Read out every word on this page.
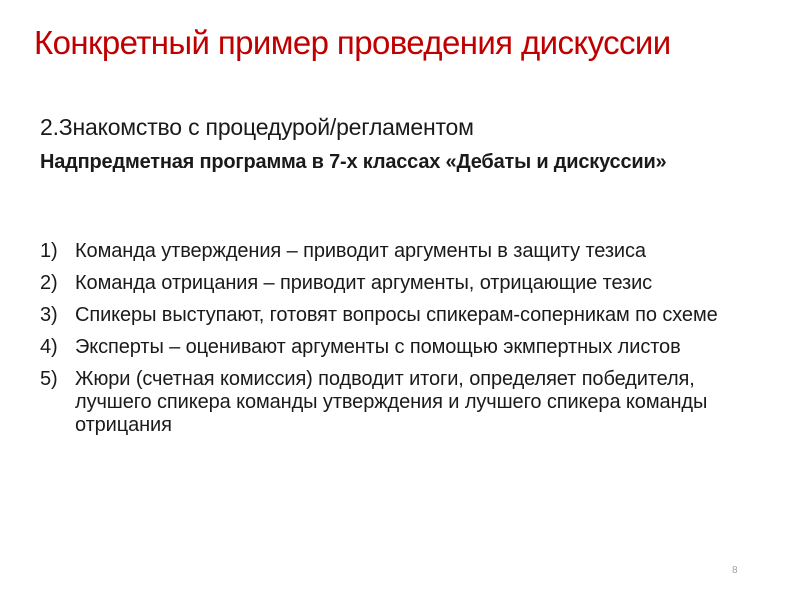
Конкретный пример проведения дискуссии
2.Знакомство с процедурой/регламентом
Надпредметная программа в 7-х классах «Дебаты и дискуссии»
1) Команда утверждения – приводит аргументы в защиту тезиса
2) Команда отрицания – приводит аргументы, отрицающие тезис
3) Спикеры выступают, готовят вопросы спикерам-соперникам по схеме
4) Эксперты – оценивают аргументы с помощью экмпертных листов
5) Жюри (счетная комиссия) подводит итоги, определяет победителя, лучшего спикера команды утверждения и лучшего спикера команды отрицания
8
